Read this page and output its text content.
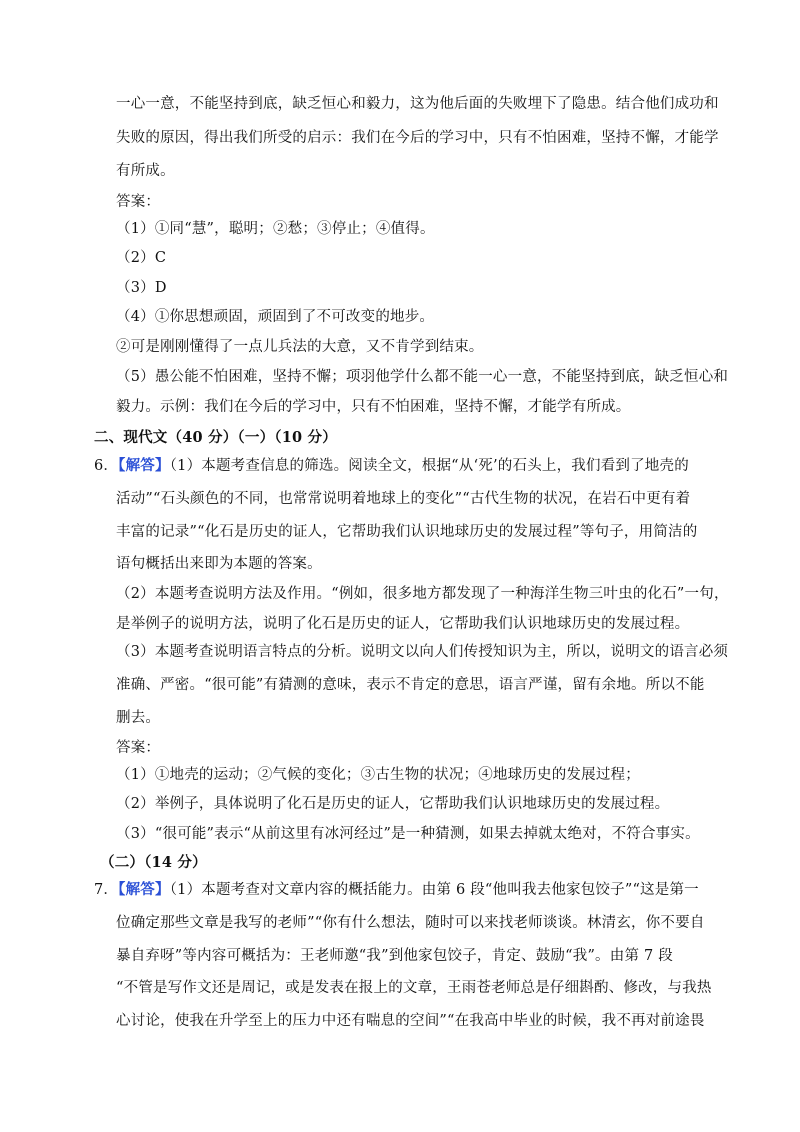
一心一意，不能坚持到底，缺乏恒心和毅力，这为他后面的失败埋下了隐患。结合他们成功和
失败的原因，得出我们所受的启示：我们在今后的学习中，只有不怕困难，坚持不懈，才能学
有所成。
答案：
（1）①同“慧”，聪明；②愁；③停止；④值得。
（2）C
（3）D
（4）①你思想顽固，顽固到了不可改变的地步。
②可是刚刚懂得了一点儿兵法的大意，又不肯学到结束。
（5）愚公能不怕困难，坚持不懈；项羽他学什么都不能一心一意，不能坚持到底，缺乏恒心和
毅力。示例：我们在今后的学习中，只有不怕困难，坚持不懈，才能学有所成。
二、现代文（40 分）（一）（10 分）
6．【解答】（1）本题考查信息的筛选。阅读全文，根据“从‘死’的石头上，我们看到了地壳的
活动”“石头颜色的不同，也常常说明着地球上的变化”“古代生物的状况，在岩石中更有着
丰富的记录”“化石是历史的证人，它帮助我们认识地球历史的发展过程”等句子，用简洁的
语句概括出来即为本题的答案。
（2）本题考查说明方法及作用。“例如，很多地方都发现了一种海洋生物三叶虫的化石”一句，
是举例子的说明方法，说明了化石是历史的证人，它帮助我们认识地球历史的发展过程。
（3）本题考查说明语言特点的分析。说明文以向人们传授知识为主，所以，说明文的语言必须
准确、严密。“很可能”有猜测的意味，表示不肯定的意思，语言严谨，留有余地。所以不能
删去。
答案：
（1）①地壳的运动；②气候的变化；③古生物的状况；④地球历史的发展过程；
（2）举例子，具体说明了化石是历史的证人，它帮助我们认识地球历史的发展过程。
（3）“很可能”表示“从前这里有冰河经过”是一种猜测，如果去掉就太绝对，不符合事实。
（二）（14 分）
7．【解答】（1）本题考查对文章内容的概括能力。由第 6 段“他叫我去他家包饺子”“这是第一
位确定那些文章是我写的老师”“你有什么想法，随时可以来找老师谈谈。林清玄，你不要自
暴自弃呀”等内容可概括为：王老师邀“我”到他家包饺子，肯定、鼓励“我”。由第 7 段
“不管是写作文还是周记，或是发表在报上的文章，王雨苍老师总是仔细斟酌、修改，与我热
心讨论，使我在升学至上的压力中还有喘息的空间”“在我高中毕业的时候，我不再对前途畏
